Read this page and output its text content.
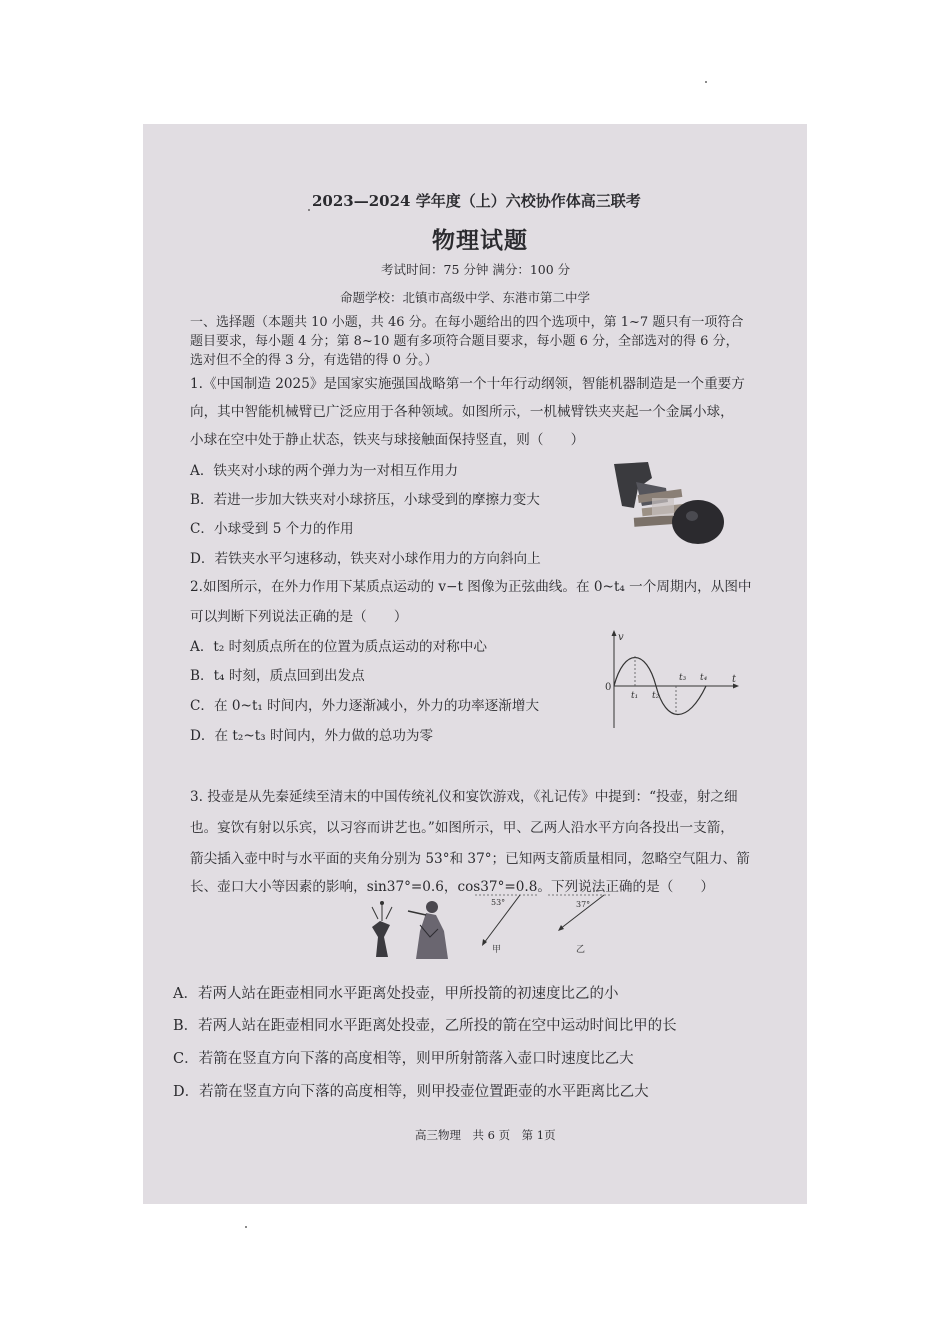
2023—2024 学年度（上）六校协作体高三联考
物理试题
考试时间：75 分钟 满分：100 分
命题学校：北镇市高级中学、东港市第二中学
一、选择题（本题共 10 小题，共 46 分。在每小题给出的四个选项中，第 1~7 题只有一项符合
题目要求，每小题 4 分；第 8~10 题有多项符合题目要求，每小题 6 分，全部选对的得 6 分，
选对但不全的得 3 分，有选错的得 0 分。）
1.《中国制造 2025》是国家实施强国战略第一个十年行动纲领，智能机器制造是一个重要方
向，其中智能机械臂已广泛应用于各种领域。如图所示，一机械臂铁夹夹起一个金属小球，
小球在空中处于静止状态，铁夹与球接触面保持竖直，则（　　）
A．铁夹对小球的两个弹力为一对相互作用力
B．若进一步加大铁夹对小球挤压，小球受到的摩擦力变大
C．小球受到 5 个力的作用
D．若铁夹水平匀速移动，铁夹对小球作用力的方向斜向上
2.如图所示，在外力作用下某质点运动的 v−t 图像为正弦曲线。在 0~t₄ 一个周期内，从图中
可以判断下列说法正确的是（　　）
A．t₂ 时刻质点所在的位置为质点运动的对称中心
B．t₄ 时刻，质点回到出发点
C．在 0~t₁ 时间内，外力逐渐减小，外力的功率逐渐增大
D．在 t₂~t₃ 时间内，外力做的总功为零
v
t
0
t₁ t₂
t₃ t₄
3. 投壶是从先秦延续至清末的中国传统礼仪和宴饮游戏，《礼记传》中提到：“投壶，射之细
也。宴饮有射以乐宾，以习容而讲艺也。”如图所示，甲、乙两人沿水平方向各投出一支箭，
箭尖插入壶中时与水平面的夹角分别为 53°和 37°；已知两支箭质量相同，忽略空气阻力、箭
长、壶口大小等因素的影响，sin37°=0.6，cos37°=0.8。下列说法正确的是（　　）
53°
甲
37°
乙
A．若两人站在距壶相同水平距离处投壶，甲所投箭的初速度比乙的小
B．若两人站在距壶相同水平距离处投壶，乙所投的箭在空中运动时间比甲的长
C．若箭在竖直方向下落的高度相等，则甲所射箭落入壶口时速度比乙大
D．若箭在竖直方向下落的高度相等，则甲投壶位置距壶的水平距离比乙大
高三物理　共 6 页　第 1页
